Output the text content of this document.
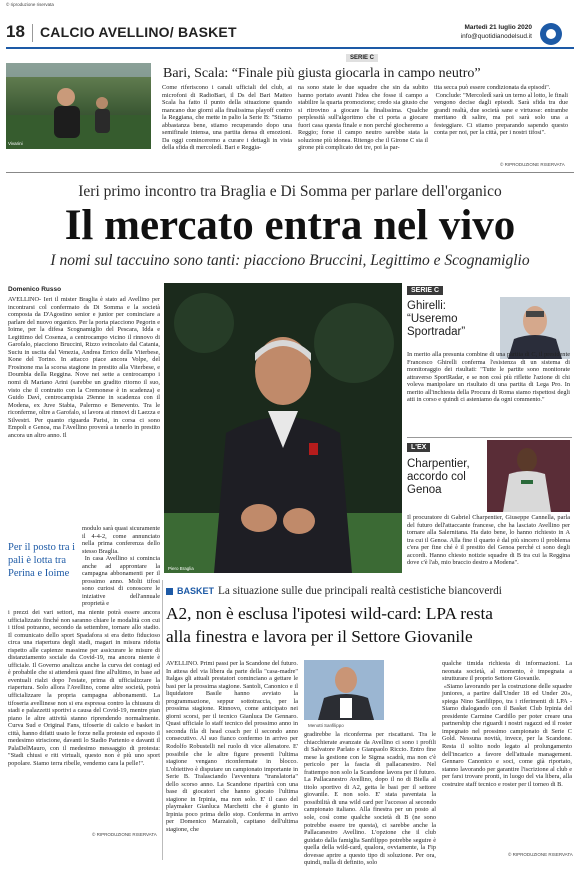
© riproduzione riservata
18 CALCIO AVELLINO/ BASKET	Martedì 21 luglio 2020
info@quotidianodelsud.it
Vivarini
SERIE C
Bari, Scala: “Finale più giusta giocarla in campo neutro”
Come riferiscono i canali ufficiali del club, ai microfoni di RadioBari, il Ds del Bari Matteo Scala ha fatto il punto della situazione quando mancano due giorni alla finalissima playoff contro la Reggiana, che mette in palio la Serie B: "Stiamo abbastanza bene, stiamo recuperando dopo una semifinale intensa, una partita densa di emozioni. Da oggi cominceremo a curare i dettagli in vista della sfida di mercoledì. Bari e Reggia-
na sono state le due squadre che sin da subito hanno portato avanti l'idea che fosse il campo a stabilire la quarta promozione; credo sia giusto che si ritrovino a giocare la finalissima. Qualche perplessità sull'algoritmo che ci porta a giocare fuori casa questa finale e non perché giocheremo a Reggio; forse il campo neutro sarebbe stata la soluzione più idonea. Ritengo che il Girone C sia il girone più complicato dei tre, poi la par-
tita secca può essere condizionata da episodi".
Conclude: "Mercoledì sarà un terno al lotto, le finali vengono decise dagli episodi. Sarà sfida tra due grandi realtà, due società sane e virtuose: entrambe meritano di salire, ma poi sarà solo una a festeggiare. Ci stiamo preparando sapendo questo conta per noi, per la città, per i nostri tifosi".
© RIPRODUZIONE RISERVATA
Ieri primo incontro tra Braglia e Di Somma per parlare dell'organico
Il mercato entra nel vivo
I nomi sul taccuino sono tanti: piacciono Bruccini, Legittimo e Scognamiglio
Domenico Russo
AVELLINO- Ieri il mister Braglia è stato ad Avellino per incontrarsi col confermato ds Di Somma e la società composta da D'Agostino senior e junior per cominciare a parlare del nuovo organico. Per la porta piacciono Pegorin e Ioime, per la difesa Scognamiglio del Pescara, Idda e Legittimo del Cosenza, a centrocampo vicino il rinnovo di Garofalo, piacciono Bruccini, Rizzo svincolato dal Catania, Suciu in uscita dal Venezia, Andrea Errico della Viterbese, Kone del Torino. In attacco piace ancora Volpe, del Frosinone ma la scorsa stagione in prestito alla Viterbese, e Doumbia della Reggina. Nove nei sette a centrocampo i nomi di Mariano Arini (sarebbe un gradito ritorno il suo, visto che il contratto con la Cremonese è in scadenza) e Guido Davì, centrocampista 29enne in scadenza con il Modena, ex Juve Stabia, Palermo e Benevento. Tra le riconferme, oltre a Garofalo, si lavora ai rinnovi di Laezza e Silvestri. Per quanto riguarda Parisi, in corsa ci sono Empoli e Genoa, ma l'Avellino proverà a tenerlo in prestito ancora un altro anno. Il
modulo sarà quasi sicuramente il 4-4-2, come annunciato nella prima conferenza dello stesso Braglia.
In casa Avellino si comincia anche ad approntare la campagna abbonamenti per il prossimo anno. Molti tifosi sono curiosi di conoscere le iniziative dell'annuale proprietà e
Per il posto tra i pali è lotta tra Perina e Ioime
i prezzi dei vari settori, ma niente potrà essere ancora ufficializzato finché non saranno chiare le modalità con cui i tifosi potranno, secondo da settembre, tornare allo stadio. Il comunicato dello sport Spadafora si era detto fiducioso circa una riapertura degli stadi, magari in misura ridotta rispetto alle capienze massime per assicurare le misure di distanziamento sociale da Covid-19, ma ancora niente è ufficiale. Il Governo analizza anche la curva dei contagi ed è probabile che si attenderà quasi fine all'ultimo, in base ad eventuali rialzi dopo l'estate, prima di ufficializzare la riapertura. Solo allora l'Avellino, come altre società, potrà ufficializzare la propria campagna abbonamenti. La tifoseria avellinese non si era espressa contro la chiusura di stadi e palazzetti sportivi a causa del Covid-19, mentre pian piano le altre attività stanno riprendendo normalmente. Curva Sud e Original Fans, tifoserie di calcio e basket in città, hanno difatti usato le forze nella proteste ed esposto il medesimo striscione, davanti lo Stadio Partenio e davanti il PalaDelMauro, con il medesimo messaggio di protesta: "Stadi chiusi e riti virtuali, questo non è più uno sport popolare. Siamo terra ribelle, vendemo cara la pelle!".
© RIPRODUZIONE RISERVATA
Piero Braglia
SERIE C
Ghirelli: “Useremo Sportradar”
In merito alla presunta combine di una partita di C, il presidente Francesco Ghirelli conferma l'esistenza di un sistema di monitoraggio dei risultati: "Tutte le partite sono monitorate attraverso SportRadar, e se non così più riflette l'azione di chi voleva manipolare un risultato di una partita di Lega Pro. In merito all'inchiesta della Procura di Roma siamo rispettosi degli atti in corso e quindi ci asteniamo da ogni commento."
L'EX
Charpentier, accordo col Genoa
Il procuratore di Gabriel Charpentier, Giuseppe Cannella, parla del futuro dell'attaccante francese, che ha lasciato Avellino per tornare alla Salernitana. Ha dato bene, lo hanno richiesto in A tra cui il Genoa. Alla fine il quarto è dal più sincero il problema c'era per fine ché è il prestito del Genoa perché ci sono degli accordi. Hanno chiesto notizie squadre di B tra cui la Reggina dove c'è l'ab, mio braccio destro a Modena".
BASKET La situazione sulle due principali realtà cestistiche biancoverdi
A2, non è esclusa l'ipotesi wild-card: LPA resta
alla finestra e lavora per il Settore Giovanile
AVELLINO. Primi passi per la Scandone del futuro. In attesa del via libera da parte della "casa-madre" Italgas gli attuali prestatori cominciano a gettare le basi per la prossima stagione. Santoli, Canonico e il liquidatore Basile hanno avviato la programmazione, seppur sottotraccia, per la prossima stagione. Rinnovo, come anticipato nei giorni scorsi, per il tecnico Gianluca De Gennaro. Quasi ufficiale lo staff tecnico del prossimo anno in seconda fila di head coach per il secondo anno consecutivo. Al suo fianco confermo in arrivo per Rodolfo Robustelli nel ruolo di vice allenatore. E' possibile che le altre figure presenti l'ultima stagione vengano riconfermate in blocco. L'obiettivo è disputare un campionato importante in Serie B. Tralasciando l'avventura "translatoria" dello scorso anno. La Scandone ripartirà con una base di giocatori che hanno giocato l'ultima stagione in Irpinia, ma non solo. E' il caso del playmaker Gianluca Marchetti che è giunto in Irpinia poco prima dello stop. Conferma in arrivo per Domenico Marzaioli, capitano dell'ultima stagione, che
Menotti Sanfilippo
gradirebbe la riconferma per riscattarsi. Tra le chiacchierate avanzate da Avellino ci sono i profili di Salvatore Parlato e Gianpaolo Riccio. Entro fine mese la gestione con le Sigma scadrà, ma non c'è pericolo per la fascia di pallacanestro. Nel frattempo non solo la Scandone lavora per il futuro. La Pallacanestro Avellino, dopo il no di Biella al titolo sportivo di A2, getta le basi per il settore giovanile. E non solo. E' stata paventata la possibilità di una wild card per l'accesso al secondo campionato italiano. Alla finestra per un posto al sole, così come qualche società di B (ne sono potrebbe essere tre questa), ci sarebbe anche la Pallacanestro Avellino. L'opzione che il club guidato dalla famiglia Sanfilippo potrebbe seguire è quella della wild-card, qualora, ovviamente, la Fip dovesse aprire a questo tipo di soluzione. Per ora, quindi, nulla di definito, solo
qualche timida richiesta di informazioni. La neonata società, al momento, è impegnata a strutturare il proprio Settore Giovanile.
«Siamo lavorando per la costruzione delle squadre juniores, a partire dall'Under 18 ed Under 20», spiega Nino Sanfilippo, tra i riferimenti di LPA - Siamo dialogando con il Basket Club Irpinia del presidente Carmine Cardillo per poter creare una partnership che riguardi i nostri ragazzi ed il roster impegnato nel prossimo campionato di Serie C Gold. Nessuna novità, invece, per la Scandone. Resta il solito nodo legato al prolungamento dell'incarico a favore dell'attuale management. Gennaro Canonico e soci, come già riportato, stanno lavorando per garantire l'iscrizione al club e per farsi trovare pronti, in luogo del via libera, alla costruire staff tecnico e roster per il torneo di B.
© RIPRODUZIONE RISERVATA
